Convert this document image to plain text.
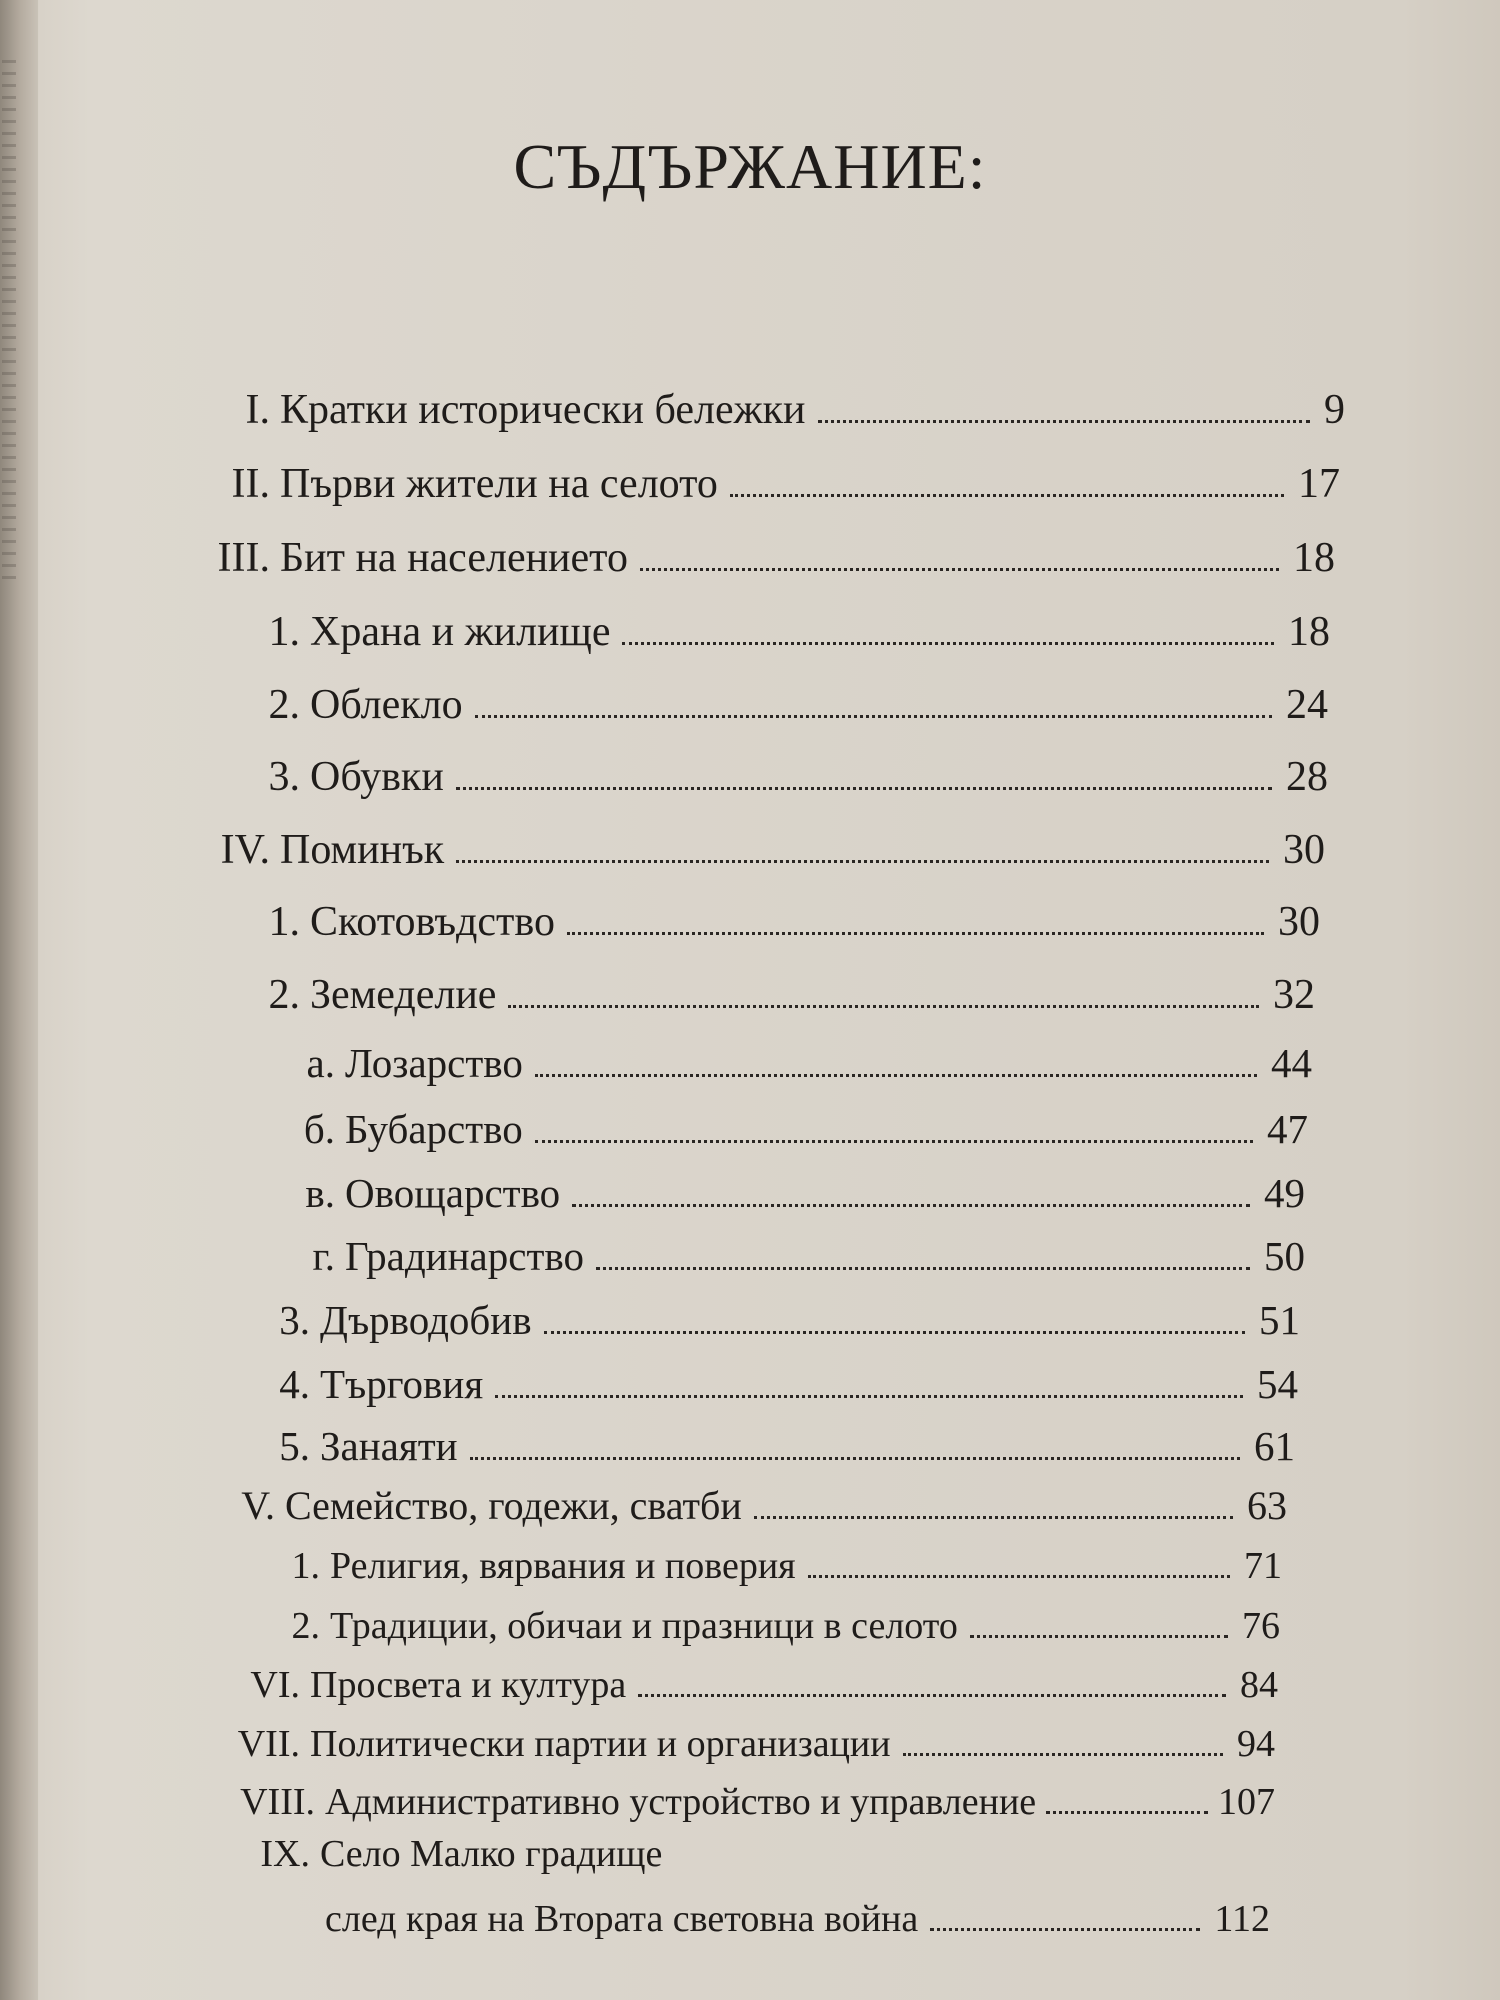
СЪДЪРЖАНИЕ:
I. Кратки исторически бележки	9
II. Първи жители на селото	17
III. Бит на населението	18
1. Храна и жилище	18
2. Облекло	24
3. Обувки	28
IV. Поминък	30
1. Скотовъдство	30
2. Земеделие	32
а. Лозарство	44
б. Бубарство	47
в. Овощарство	49
г. Градинарство	50
3. Дърводобив	51
4. Търговия	54
5. Занаяти	61
V. Семейство, годежи, сватби	63
1. Религия, вярвания и поверия	71
2. Традиции, обичаи и празници в селото	76
VI. Просвета и култура	84
VII. Политически партии и организации	94
VIII. Административно устройство и управление	107
IX. Село Малко градище
след края на Втората световна война	112
